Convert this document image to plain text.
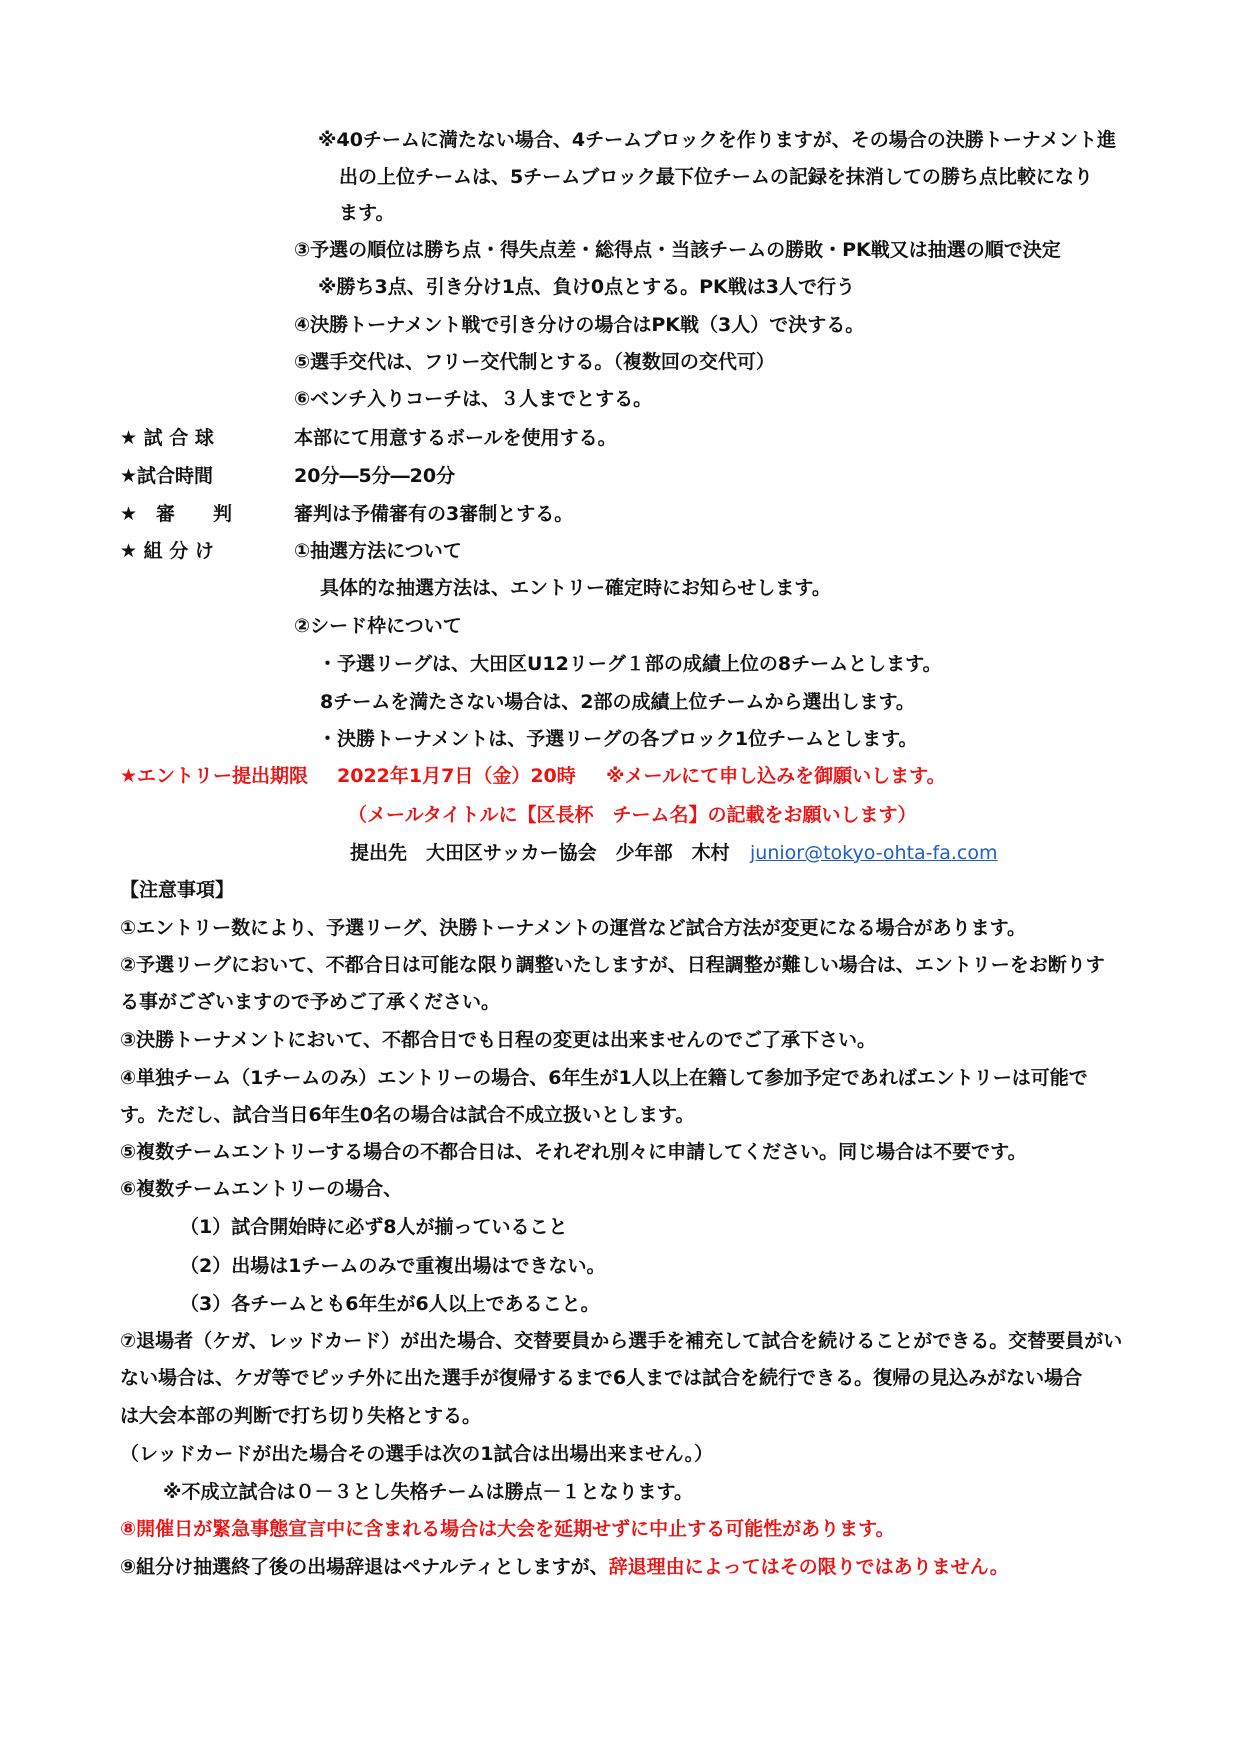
※40チームに満たない場合、4チームブロックを作りますが、その場合の決勝トーナメント進
出の上位チームは、5チームブロック最下位チームの記録を抹消しての勝ち点比較になり
ます。
③予選の順位は勝ち点・得失点差・総得点・当該チームの勝敗・PK戦又は抽選の順で決定
※勝ち3点、引き分け1点、負け0点とする。PK戦は3人で行う
④決勝トーナメント戦で引き分けの場合はPK戦（3人）で決する。
⑤選手交代は、フリー交代制とする。（複数回の交代可）
⑥ベンチ入りコーチは、３人までとする。
★ 試 合 球	本部にて用意するボールを使用する。
★試合時間	20分―5分―20分
★　審　　判	審判は予備審有の3審制とする。
★ 組 分 け	①抽選方法について
具体的な抽選方法は、エントリー確定時にお知らせします。
②シード枠について
・予選リーグは、大田区U12リーグ１部の成績上位の8チームとします。
8チームを満たさない場合は、2部の成績上位チームから選出します。
・決勝トーナメントは、予選リーグの各ブロック1位チームとします。
★エントリー提出期限 2022年1月7日（金）20時 ※メールにて申し込みを御願いします。
（メールタイトルに【区長杯　チーム名】の記載をお願いします）
提出先　大田区サッカー協会　少年部　木村 junior@tokyo-ohta-fa.com
【注意事項】
①エントリー数により、予選リーグ、決勝トーナメントの運営など試合方法が変更になる場合があります。
②予選リーグにおいて、不都合日は可能な限り調整いたしますが、日程調整が難しい場合は、エントリーをお断りす
る事がございますので予めご了承ください。
③決勝トーナメントにおいて、不都合日でも日程の変更は出来ませんのでご了承下さい。
④単独チーム（1チームのみ）エントリーの場合、6年生が1人以上在籍して参加予定であればエントリーは可能で
す。ただし、試合当日6年生0名の場合は試合不成立扱いとします。
⑤複数チームエントリーする場合の不都合日は、それぞれ別々に申請してください。同じ場合は不要です。
⑥複数チームエントリーの場合、
（1）試合開始時に必ず8人が揃っていること
（2）出場は1チームのみで重複出場はできない。
（3）各チームとも6年生が6人以上であること。
⑦退場者（ケガ、レッドカード）が出た場合、交替要員から選手を補充して試合を続けることができる。交替要員がい
ない場合は、ケガ等でピッチ外に出た選手が復帰するまで6人までは試合を続行できる。復帰の見込みがない場合
は大会本部の判断で打ち切り失格とする。
（レッドカードが出た場合その選手は次の1試合は出場出来ません。）
※不成立試合は０－３とし失格チームは勝点－１となります。
⑧開催日が緊急事態宣言中に含まれる場合は大会を延期せずに中止する可能性があります。
⑨組分け抽選終了後の出場辞退はペナルティとしますが、辞退理由によってはその限りではありません。
